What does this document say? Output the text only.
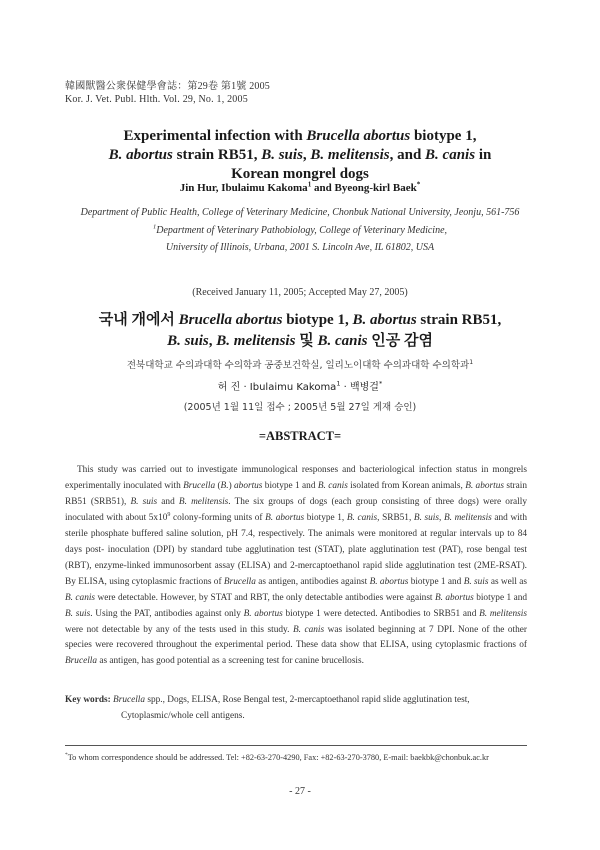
韓國獸醫公衆保健學會誌：第29卷 第1號 2005
Kor. J. Vet. Publ. Hlth. Vol. 29, No. 1, 2005
Experimental infection with Brucella abortus biotype 1,
B. abortus strain RB51, B. suis, B. melitensis, and B. canis in
Korean mongrel dogs
Jin Hur, Ibulaimu Kakoma$^1$ and Byeong-kirl Baek*
Department of Public Health, College of Veterinary Medicine, Chonbuk National University, Jeonju, 561-756
$^1$Department of Veterinary Pathobiology, College of Veterinary Medicine,
University of Illinois, Urbana, 2001 S. Lincoln Ave, IL 61802, USA
(Received January 11, 2005; Accepted May 27, 2005)
국내 개에서 Brucella abortus biotype 1, B. abortus strain RB51,
B. suis, B. melitensis 및 B. canis 인공 감염
전북대학교 수의과대학 수의학과 공중보건학실, 일리노이대학 수의과대학 수의학과$^1$
허 진 · Ibulaimu Kakoma$^1$ · 백병걸*
(2005년 1월 11일 접수 ; 2005년 5월 27일 게재 승인)
=ABSTRACT=
This study was carried out to investigate immunological responses and bacteriological infection status in mongrels experimentally inoculated with Brucella (B.) abortus biotype 1 and B. canis isolated from Korean animals, B. abortus strain RB51 (SRB51), B. suis and B. melitensis. The six groups of dogs (each group consisting of three dogs) were orally inoculated with about $5x10^9$ colony-forming units of B. abortus biotype 1, B. canis, SRB51, B. suis, B. melitensis and with sterile phosphate buffered saline solution, pH 7.4, respectively. The animals were monitored at regular intervals up to 84 days post- inoculation (DPI) by standard tube agglutination test (STAT), plate agglutination test (PAT), rose bengal test (RBT), enzyme-linked immunosorbent assay (ELISA) and 2-mercaptoethanol rapid slide agglutination test (2ME-RSAT). By ELISA, using cytoplasmic fractions of Brucella as antigen, antibodies against B. abortus biotype 1 and B. suis as well as B. canis were detectable. However, by STAT and RBT, the only detectable antibodies were against B. abortus biotype 1 and B. suis. Using the PAT, antibodies against only B. abortus biotype 1 were detected. Antibodies to SRB51 and B. melitensis were not detectable by any of the tests used in this study. B. canis was isolated beginning at 7 DPI. None of the other species were recovered throughout the experimental period. These data show that ELISA, using cytoplasmic fractions of Brucella as antigen, has good potential as a screening test for canine brucellosis.
Key words: Brucella spp., Dogs, ELISA, Rose Bengal test, 2-mercaptoethanol rapid slide agglutination test,
Cytoplasmic/whole cell antigens.
*To whom correspondence should be addressed. Tel: +82-63-270-4290, Fax: +82-63-270-3780, E-mail: baekbk@chonbuk.ac.kr
- 27 -
